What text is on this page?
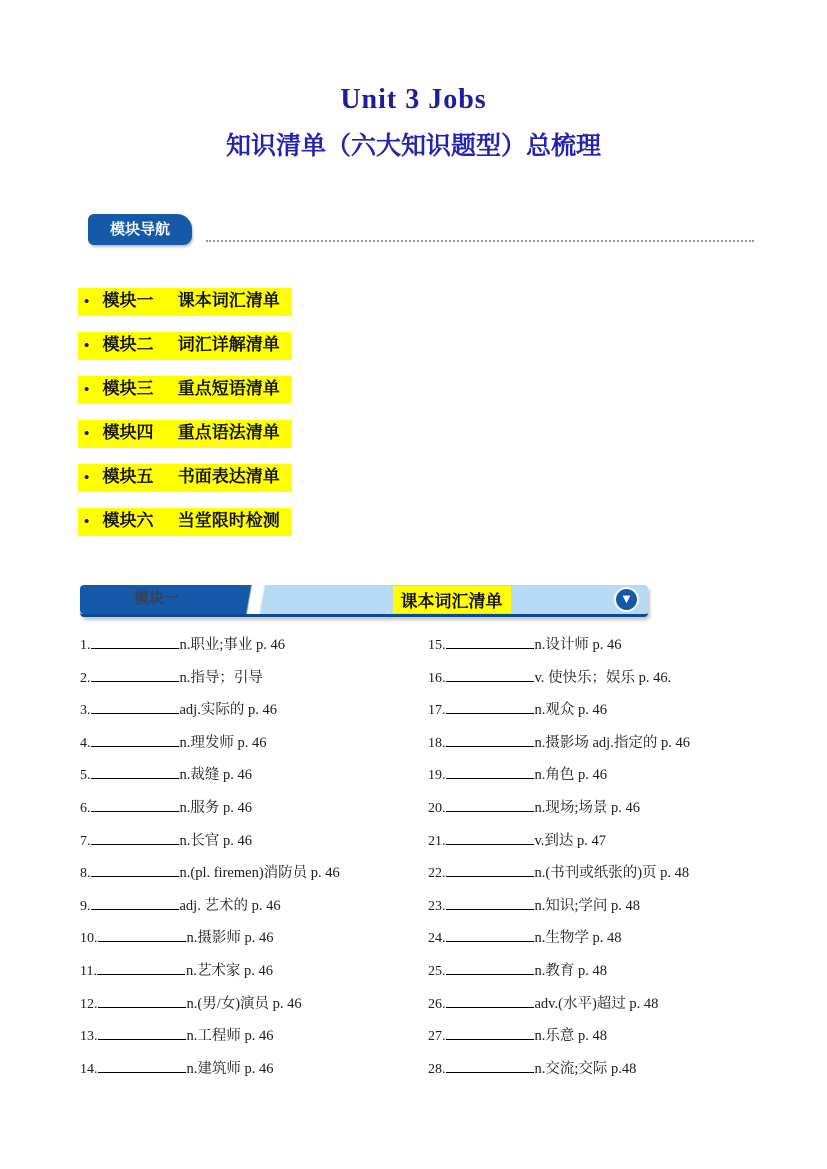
Unit 3 Jobs
知识清单（六大知识题型）总梳理
模块导航
• 模块一 课本词汇清单
• 模块二 词汇详解清单
• 模块三 重点短语清单
• 模块四 重点语法清单
• 模块五 书面表达清单
• 模块六 当堂限时检测
模块一	课本词汇清单	▼
1.	n.职业;事业 p. 46
2.	n.指导；引导
3.	adj.实际的 p. 46
4.	n.理发师 p. 46
5.	n.裁缝 p. 46
6.	n.服务 p. 46
7.	n.长官 p. 46
8.	n.(pl. firemen)消防员 p. 46
9.	adj. 艺术的 p. 46
10.	n.摄影师 p. 46
11.	n.艺术家 p. 46
12.	n.(男/女)演员 p. 46
13.	n.工程师 p. 46
14.	n.建筑师 p. 46
15.	n.设计师 p. 46
16.	v. 使快乐；娱乐 p. 46.
17.	n.观众 p. 46
18.	n.摄影场 adj.指定的 p. 46
19.	n.角色 p. 46
20.	n.现场;场景 p. 46
21.	v.到达 p. 47
22.	n.(书刊或纸张的)页 p. 48
23.	n.知识;学问 p. 48
24.	n.生物学 p. 48
25.	n.教育 p. 48
26.	adv.(水平)超过 p. 48
27.	n.乐意 p. 48
28.	n.交流;交际 p.48
